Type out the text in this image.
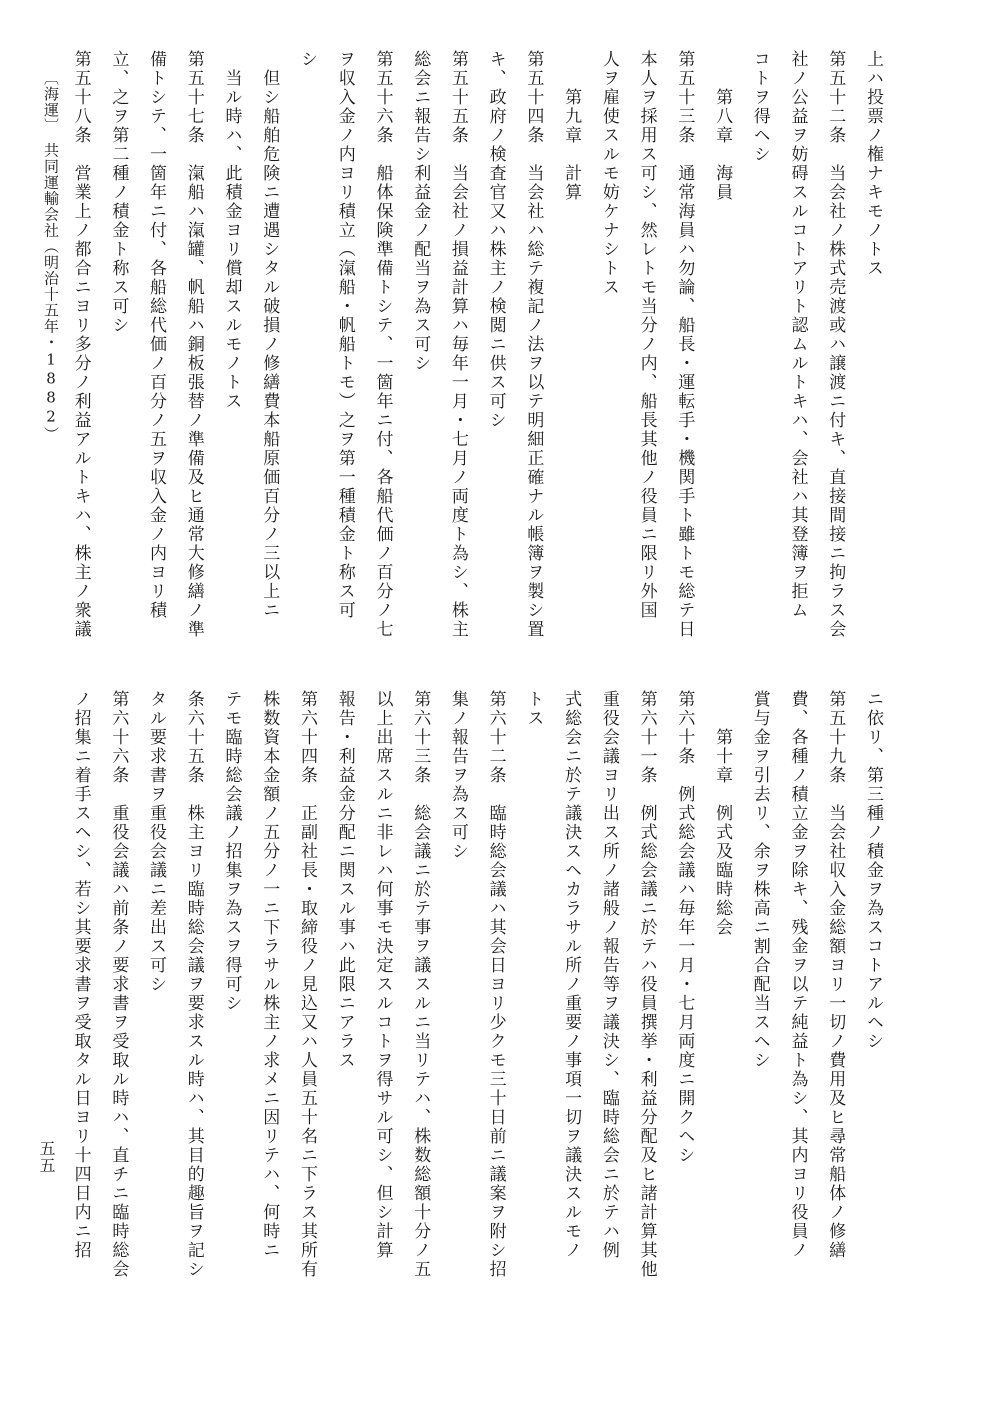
上ハ投票ノ権ナキモノトス
第五十二条　当会社ノ株式売渡或ハ譲渡ニ付キ、直接間接ニ拘ラス会
社ノ公益ヲ妨碍スルコトアリト認ムルトキハ、会社ハ其登簿ヲ拒ム
コトヲ得ヘシ
　　第八章　海員
第五十三条　通常海員ハ勿論、船長・運転手・機関手ト雖トモ総テ日
本人ヲ採用ス可シ、然レトモ当分ノ内、船長其他ノ役員ニ限リ外国
人ヲ雇使スルモ妨ケナシトス
　　第九章　計算
第五十四条　当会社ハ総テ複記ノ法ヲ以テ明細正確ナル帳簿ヲ製シ置
キ、政府ノ検査官又ハ株主ノ検閲ニ供ス可シ
第五十五条　当会社ノ損益計算ハ毎年一月・七月ノ両度ト為シ、株主
総会ニ報告シ利益金ノ配当ヲ為ス可シ
第五十六条　船体保険準備トシテ、一箇年ニ付、各船代価ノ百分ノ七
ヲ収入金ノ内ヨリ積立（滊船・帆船トモ）之ヲ第一種積金ト称ス可
シ
　但シ船舶危険ニ遭遇シタル破損ノ修繕費本船原価百分ノ三以上ニ
　当ル時ハ、此積金ヨリ償却スルモノトス
第五十七条　滊船ハ滊罐、帆船ハ銅板張替ノ準備及ヒ通常大修繕ノ準
備トシテ、一箇年ニ付、各船総代価ノ百分ノ五ヲ収入金ノ内ヨリ積
立、之ヲ第二種ノ積金ト称ス可シ
第五十八条　営業上ノ都合ニヨリ多分ノ利益アルトキハ、株主ノ衆議
〔海運〕　共同運輸会社（明治十五年・1882）
ニ依リ、第三種ノ積金ヲ為スコトアルヘシ
第五十九条　当会社収入金総額ヨリ一切ノ費用及ヒ尋常船体ノ修繕
費、各種ノ積立金ヲ除キ、残金ヲ以テ純益ト為シ、其内ヨリ役員ノ
賞与金ヲ引去リ、余ヲ株高ニ割合配当スヘシ
　　第十章　例式及臨時総会
第六十条　例式総会議ハ毎年一月・七月両度ニ開クヘシ
第六十一条　例式総会議ニ於テハ役員撰挙・利益分配及ヒ諸計算其他
重役会議ヨリ出ス所ノ諸般ノ報告等ヲ議決シ、臨時総会ニ於テハ例
式総会ニ於テ議決スヘカラサル所ノ重要ノ事項一切ヲ議決スルモノ
トス
第六十二条　臨時総会議ハ其会日ヨリ少クモ三十日前ニ議案ヲ附シ招
集ノ報告ヲ為ス可シ
第六十三条　総会議ニ於テ事ヲ議スルニ当リテハ、株数総額十分ノ五
以上出席スルニ非レハ何事モ決定スルコトヲ得サル可シ、但シ計算
報告・利益金分配ニ関スル事ハ此限ニアラス
第六十四条　正副社長・取締役ノ見込又ハ人員五十名ニ下ラス其所有
株数資本金額ノ五分ノ一ニ下ラサル株主ノ求メニ因リテハ、何時ニ
テモ臨時総会議ノ招集ヲ為スヲ得可シ
条六十五条　株主ヨリ臨時総会議ヲ要求スル時ハ、其目的趣旨ヲ記シ
タル要求書ヲ重役会議ニ差出ス可シ
第六十六条　重役会議ハ前条ノ要求書ヲ受取ル時ハ、直チニ臨時総会
ノ招集ニ着手スヘシ、若シ其要求書ヲ受取タル日ヨリ十四日内ニ招
五五
